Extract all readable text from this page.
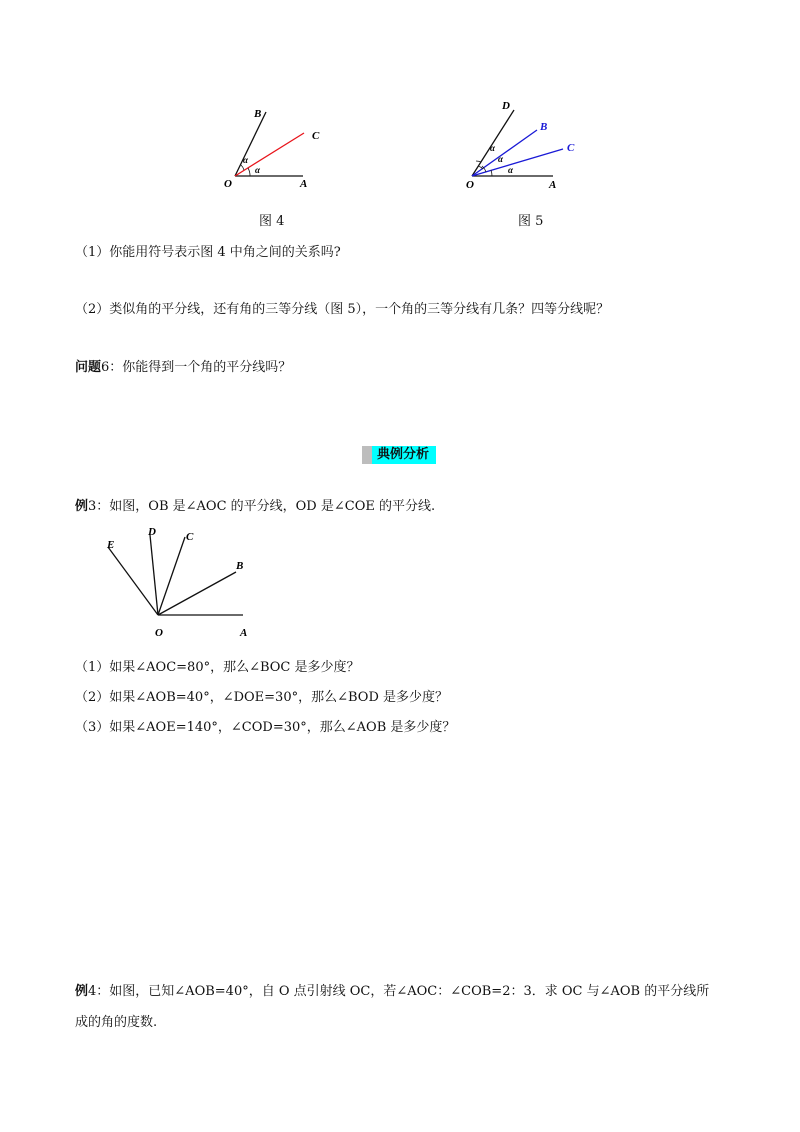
B
C
O	A
α
α
图 4
D
B
C
O	A
α
α
α
图 5
（1）你能用符号表示图 4 中角之间的关系吗?
（2）类似角的平分线，还有角的三等分线（图 5），一个角的三等分线有几条？四等分线呢？
问题6：你能得到一个角的平分线吗？
典例分析
例3：如图，OB 是∠AOC 的平分线，OD 是∠COE 的平分线.
E
D	C
B
O	A
（1）如果∠AOC=80°，那么∠BOC 是多少度？
（2）如果∠AOB=40°，∠DOE=30°，那么∠BOD 是多少度？
（3）如果∠AOE=140°，∠COD=30°，那么∠AOB 是多少度？
例4：如图，已知∠AOB=40°，自 O 点引射线 OC，若∠AOC：∠COB=2：3．求 OC 与∠AOB 的平分线所
成的角的度数.
